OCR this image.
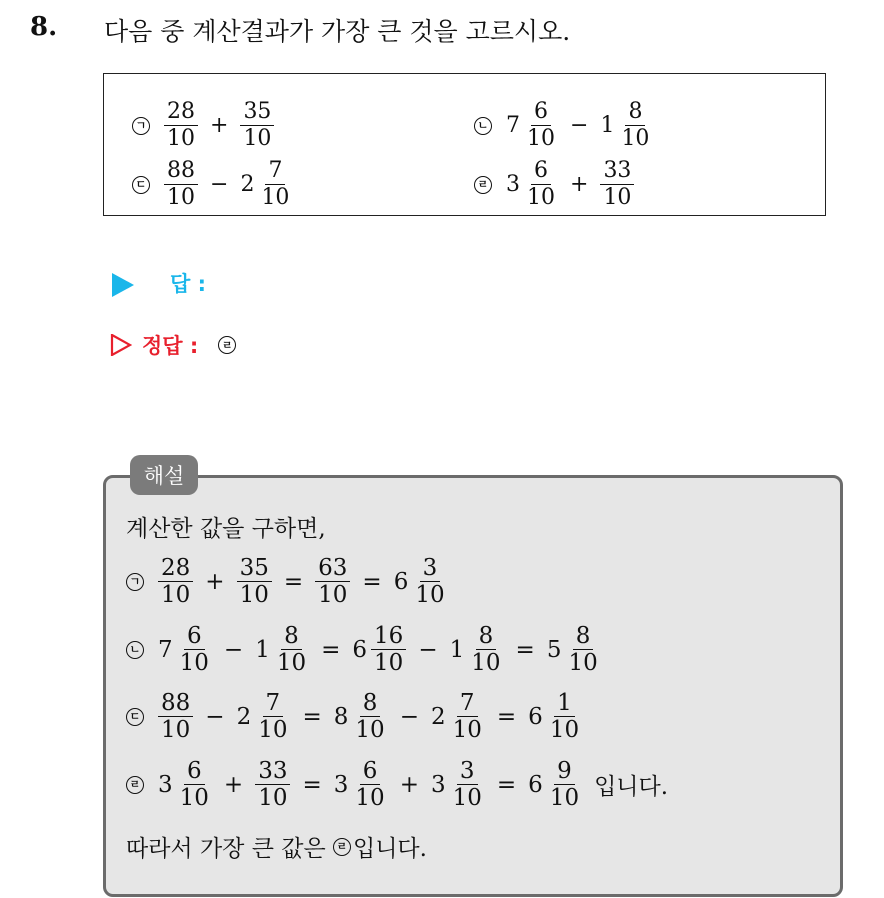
8. 다음 중 계산결과가 가장 큰 것을 고르시오.
ㄱ $\frac{28}{10} + \frac{35}{10}$	ㄴ $7 \frac{6}{10} - 1 \frac{8}{10}$
ㄷ $\frac{88}{10} - 2 \frac{7}{10}$	ㄹ $3 \frac{6}{10} + \frac{33}{10}$
답 :
정답 :	ㄹ
해설
계산한 값을 구하면,
ㄱ $\frac{28}{10} + \frac{35}{10} = \frac{63}{10} = 6 \frac{3}{10}$
ㄴ $7 \frac{6}{10} - 1 \frac{8}{10} = 6 \frac{16}{10} - 1 \frac{8}{10} = 5 \frac{8}{10}$
ㄷ $\frac{88}{10} - 2 \frac{7}{10} = 8 \frac{8}{10} - 2 \frac{7}{10} = 6 \frac{1}{10}$
ㄹ $3 \frac{6}{10} + \frac{33}{10} = 3 \frac{6}{10} + 3 \frac{3}{10} = 6 \frac{9}{10}$ 입니다.
따라서 가장 큰 값은 ㄹ 입니다.
